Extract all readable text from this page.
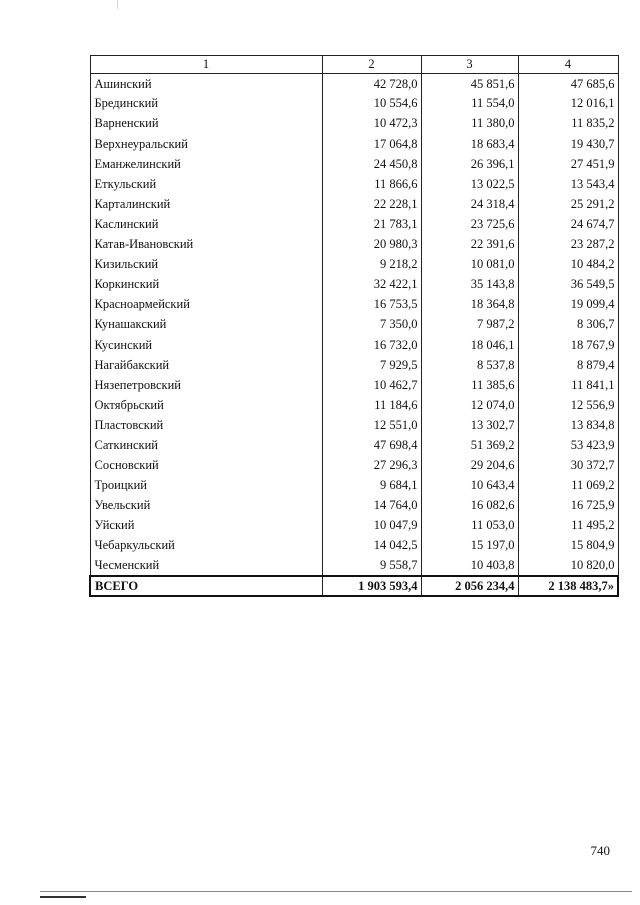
1	2	3	4
Ашинский	42 728,0	45 851,6	47 685,6
Брединский	10 554,6	11 554,0	12 016,1
Варненский	10 472,3	11 380,0	11 835,2
Верхнеуральский	17 064,8	18 683,4	19 430,7
Еманжелинский	24 450,8	26 396,1	27 451,9
Еткульский	11 866,6	13 022,5	13 543,4
Карталинский	22 228,1	24 318,4	25 291,2
Каслинский	21 783,1	23 725,6	24 674,7
Катав-Ивановский	20 980,3	22 391,6	23 287,2
Кизильский	9 218,2	10 081,0	10 484,2
Коркинский	32 422,1	35 143,8	36 549,5
Красноармейский	16 753,5	18 364,8	19 099,4
Кунашакский	7 350,0	7 987,2	8 306,7
Кусинский	16 732,0	18 046,1	18 767,9
Нагайбакский	7 929,5	8 537,8	8 879,4
Нязепетровский	10 462,7	11 385,6	11 841,1
Октябрьский	11 184,6	12 074,0	12 556,9
Пластовский	12 551,0	13 302,7	13 834,8
Саткинский	47 698,4	51 369,2	53 423,9
Сосновский	27 296,3	29 204,6	30 372,7
Троицкий	9 684,1	10 643,4	11 069,2
Увельский	14 764,0	16 082,6	16 725,9
Уйский	10 047,9	11 053,0	11 495,2
Чебаркульский	14 042,5	15 197,0	15 804,9
Чесменский	9 558,7	10 403,8	10 820,0
ВСЕГО	1 903 593,4	2 056 234,4	2 138 483,7»
740
